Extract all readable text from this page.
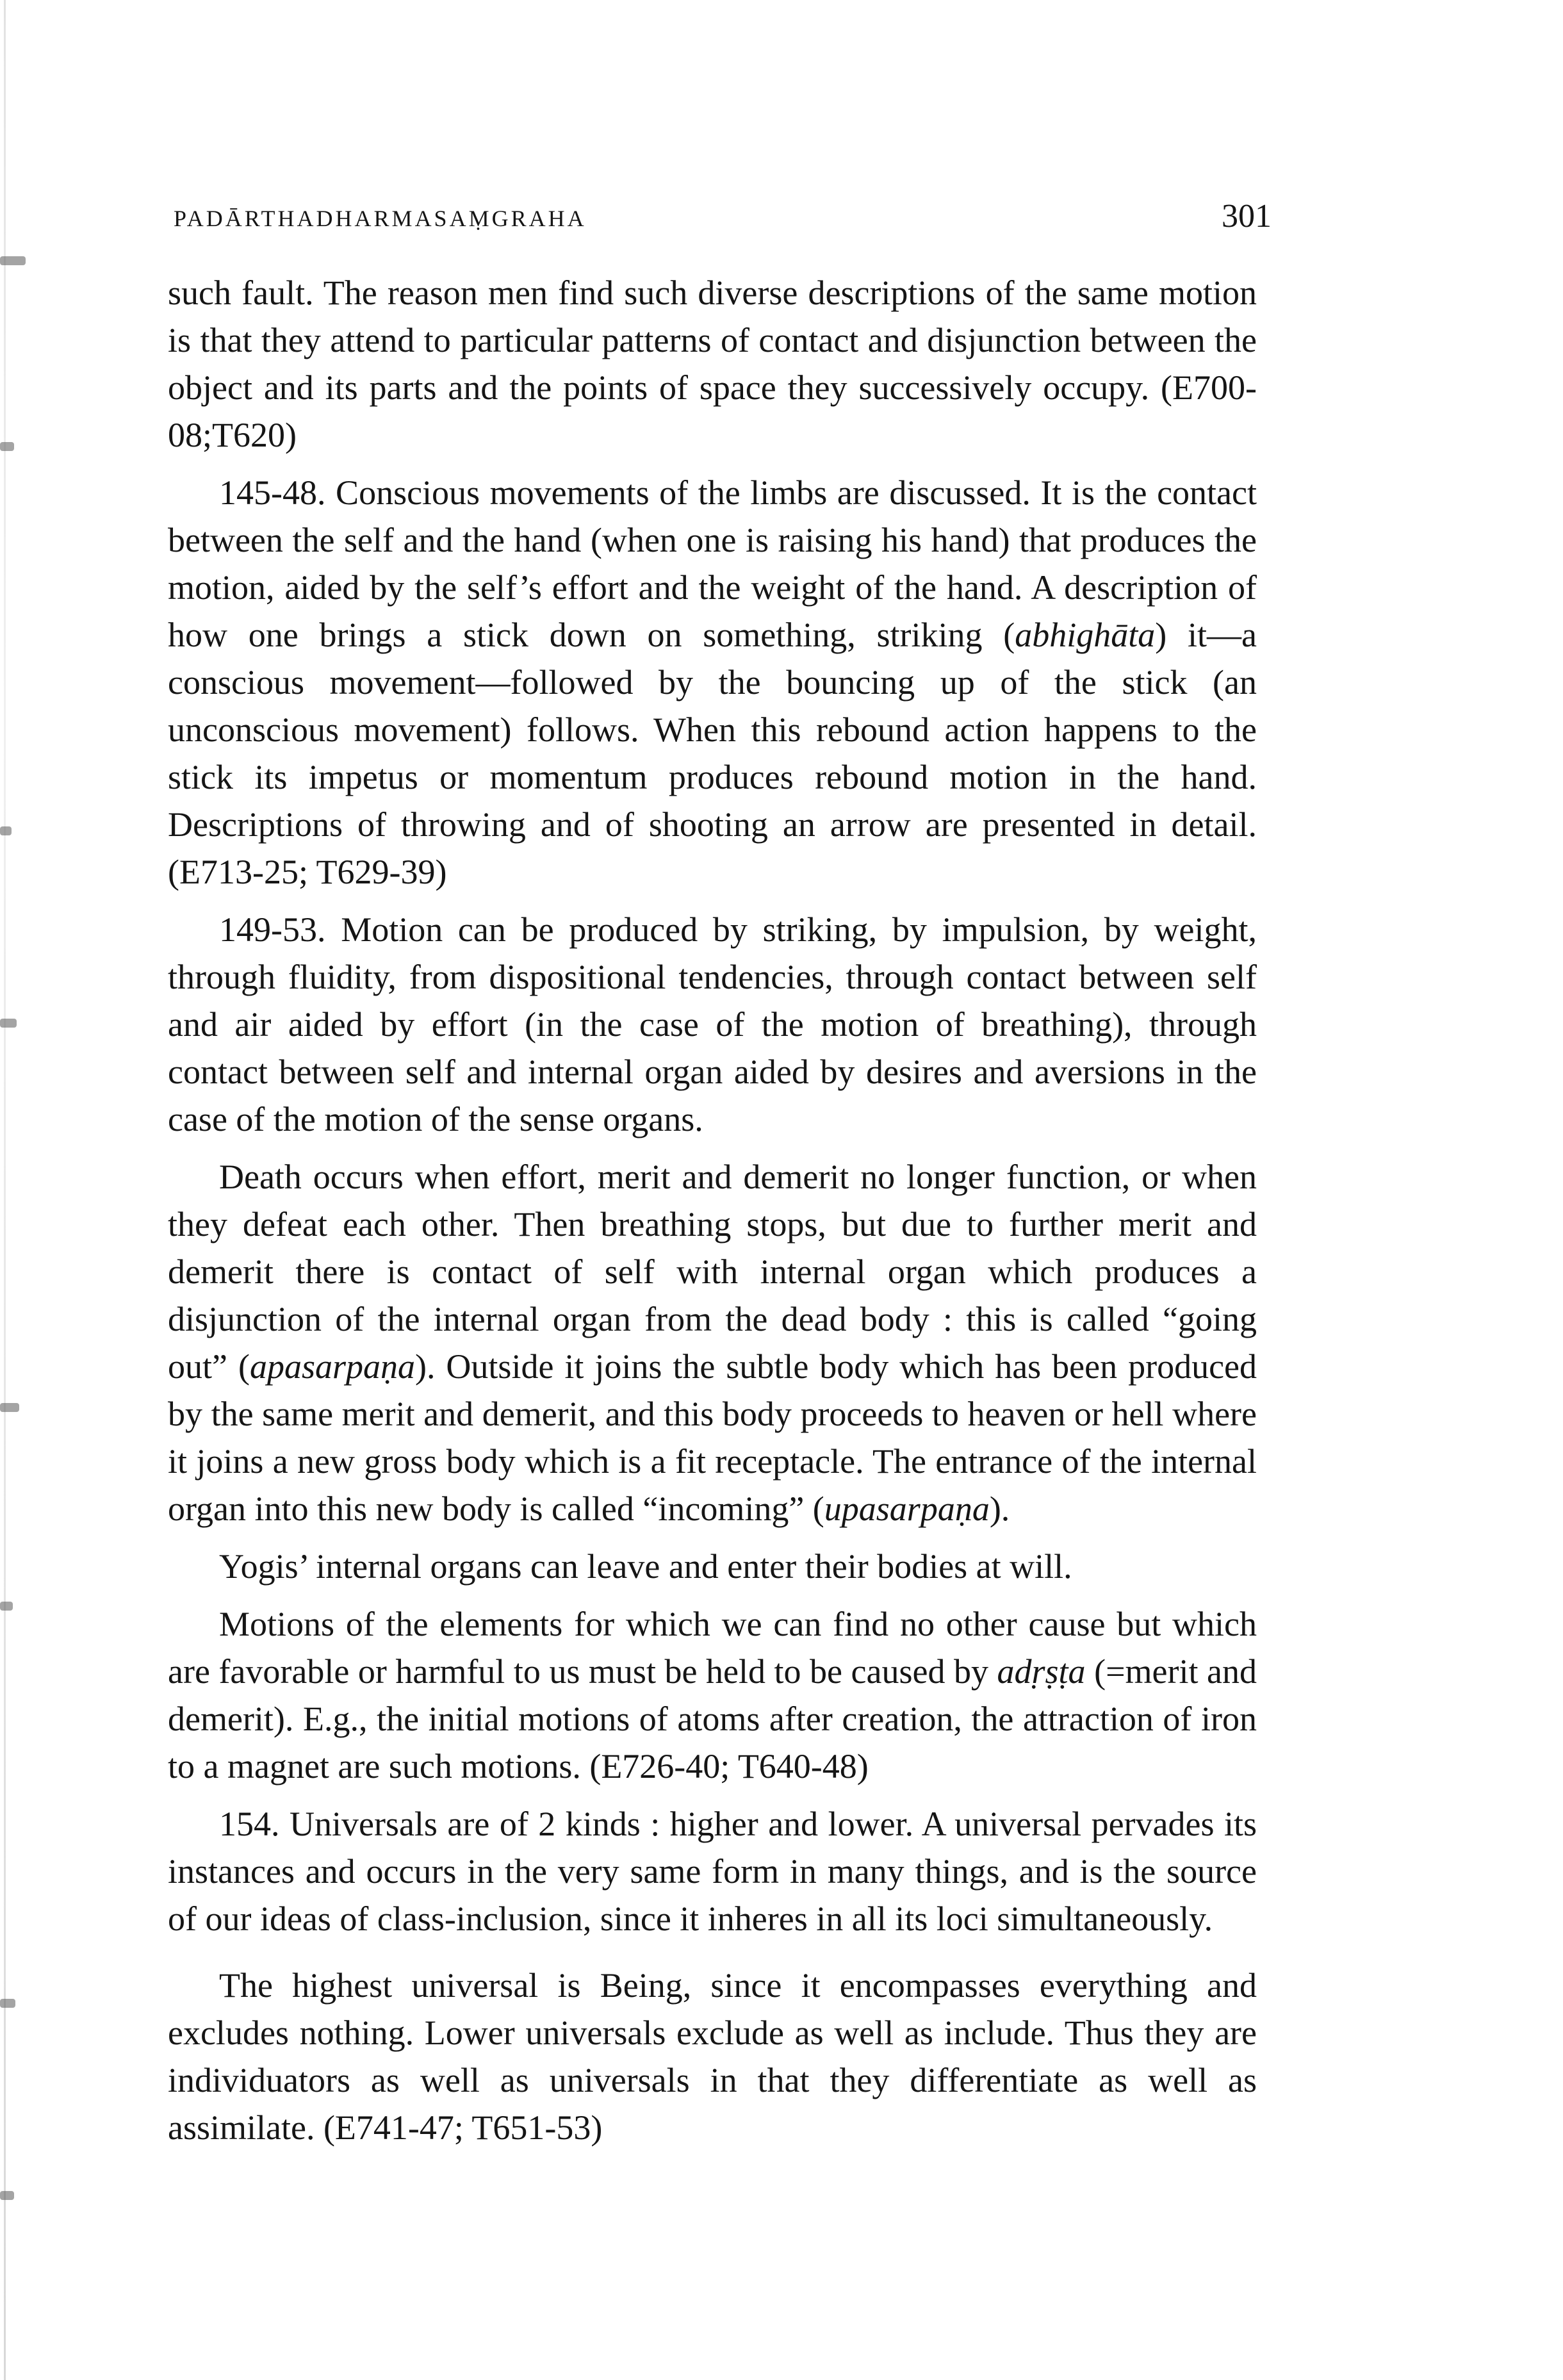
PADĀRTHADHARMASAṂGRAHA	301

such fault. The reason men find such diverse descriptions of the same motion is that they attend to particular patterns of contact and disjunction between the object and its parts and the points of space they successively occupy. (E700-08;T620)

145-48. Conscious movements of the limbs are discussed. It is the contact between the self and the hand (when one is raising his hand) that produces the motion, aided by the self’s effort and the weight of the hand. A description of how one brings a stick down on something, striking (abhighāta) it—a conscious movement—followed by the bouncing up of the stick (an unconscious movement) follows. When this rebound action happens to the stick its impetus or momentum produces rebound motion in the hand. Descriptions of throwing and of shooting an arrow are presented in detail. (E713-25; T629-39)

149-53. Motion can be produced by striking, by impulsion, by weight, through fluidity, from dispositional tendencies, through contact between self and air aided by effort (in the case of the motion of breathing), through contact between self and internal organ aided by desires and aversions in the case of the motion of the sense organs.

Death occurs when effort, merit and demerit no longer function, or when they defeat each other. Then breathing stops, but due to further merit and demerit there is contact of self with internal organ which produces a disjunction of the internal organ from the dead body : this is called “going out” (apasarpaṇa). Outside it joins the subtle body which has been produced by the same merit and demerit, and this body proceeds to heaven or hell where it joins a new gross body which is a fit receptacle. The entrance of the internal organ into this new body is called “incoming” (upasarpaṇa).

Yogis’ internal organs can leave and enter their bodies at will.

Motions of the elements for which we can find no other cause but which are favorable or harmful to us must be held to be caused by adṛṣṭa (=merit and demerit). E.g., the initial motions of atoms after creation, the attraction of iron to a magnet are such motions. (E726-40; T640-48)

154. Universals are of 2 kinds : higher and lower. A universal pervades its instances and occurs in the very same form in many things, and is the source of our ideas of class-inclusion, since it inheres in all its loci simultaneously.

The highest universal is Being, since it encompasses everything and excludes nothing. Lower universals exclude as well as include. Thus they are individuators as well as universals in that they differentiate as well as assimilate. (E741-47; T651-53)
